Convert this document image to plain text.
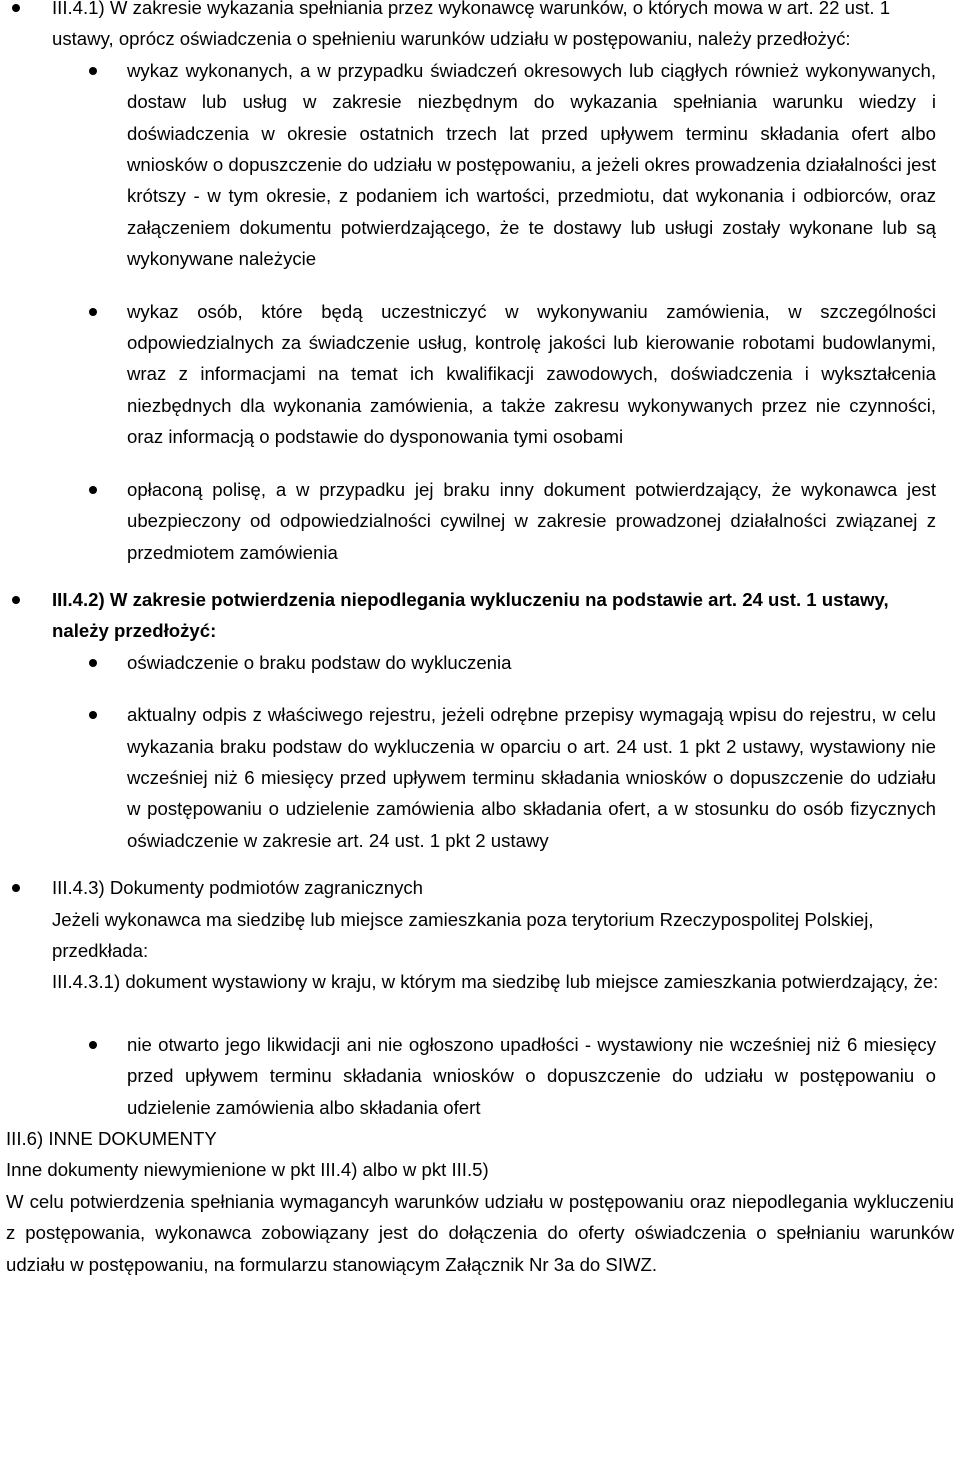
III.4.1) W zakresie wykazania spełniania przez wykonawcę warunków, o których mowa w art. 22 ust. 1 ustawy, oprócz oświadczenia o spełnieniu warunków udziału w postępowaniu, należy przedłożyć:
wykaz wykonanych, a w przypadku świadczeń okresowych lub ciągłych również wykonywanych, dostaw lub usług w zakresie niezbędnym do wykazania spełniania warunku wiedzy i doświadczenia w okresie ostatnich trzech lat przed upływem terminu składania ofert albo wniosków o dopuszczenie do udziału w postępowaniu, a jeżeli okres prowadzenia działalności jest krótszy - w tym okresie, z podaniem ich wartości, przedmiotu, dat wykonania i odbiorców, oraz załączeniem dokumentu potwierdzającego, że te dostawy lub usługi zostały wykonane lub są wykonywane należycie
wykaz osób, które będą uczestniczyć w wykonywaniu zamówienia, w szczególności odpowiedzialnych za świadczenie usług, kontrolę jakości lub kierowanie robotami budowlanymi, wraz z informacjami na temat ich kwalifikacji zawodowych, doświadczenia i wykształcenia niezbędnych dla wykonania zamówienia, a także zakresu wykonywanych przez nie czynności, oraz informacją o podstawie do dysponowania tymi osobami
opłaconą polisę, a w przypadku jej braku inny dokument potwierdzający, że wykonawca jest ubezpieczony od odpowiedzialności cywilnej w zakresie prowadzonej działalności związanej z przedmiotem zamówienia
III.4.2) W zakresie potwierdzenia niepodlegania wykluczeniu na podstawie art. 24 ust. 1 ustawy, należy przedłożyć:
oświadczenie o braku podstaw do wykluczenia
aktualny odpis z właściwego rejestru, jeżeli odrębne przepisy wymagają wpisu do rejestru, w celu wykazania braku podstaw do wykluczenia w oparciu o art. 24 ust. 1 pkt 2 ustawy, wystawiony nie wcześniej niż 6 miesięcy przed upływem terminu składania wniosków o dopuszczenie do udziału w postępowaniu o udzielenie zamówienia albo składania ofert, a w stosunku do osób fizycznych oświadczenie w zakresie art. 24 ust. 1 pkt 2 ustawy
III.4.3) Dokumenty podmiotów zagranicznych
Jeżeli wykonawca ma siedzibę lub miejsce zamieszkania poza terytorium Rzeczypospolitej Polskiej, przedkłada:
III.4.3.1) dokument wystawiony w kraju, w którym ma siedzibę lub miejsce zamieszkania potwierdzający, że:
nie otwarto jego likwidacji ani nie ogłoszono upadłości - wystawiony nie wcześniej niż 6 miesięcy przed upływem terminu składania wniosków o dopuszczenie do udziału w postępowaniu o udzielenie zamówienia albo składania ofert
III.6) INNE DOKUMENTY
Inne dokumenty niewymienione w pkt III.4) albo w pkt III.5)
W celu potwierdzenia spełniania wymagancyh warunków udziału w postępowaniu oraz niepodlegania wykluczeniu z postępowania, wykonawca zobowiązany jest do dołączenia do oferty oświadczenia o spełnianiu warunków udziału w postępowaniu, na formularzu stanowiącym Załącznik Nr 3a do SIWZ.
